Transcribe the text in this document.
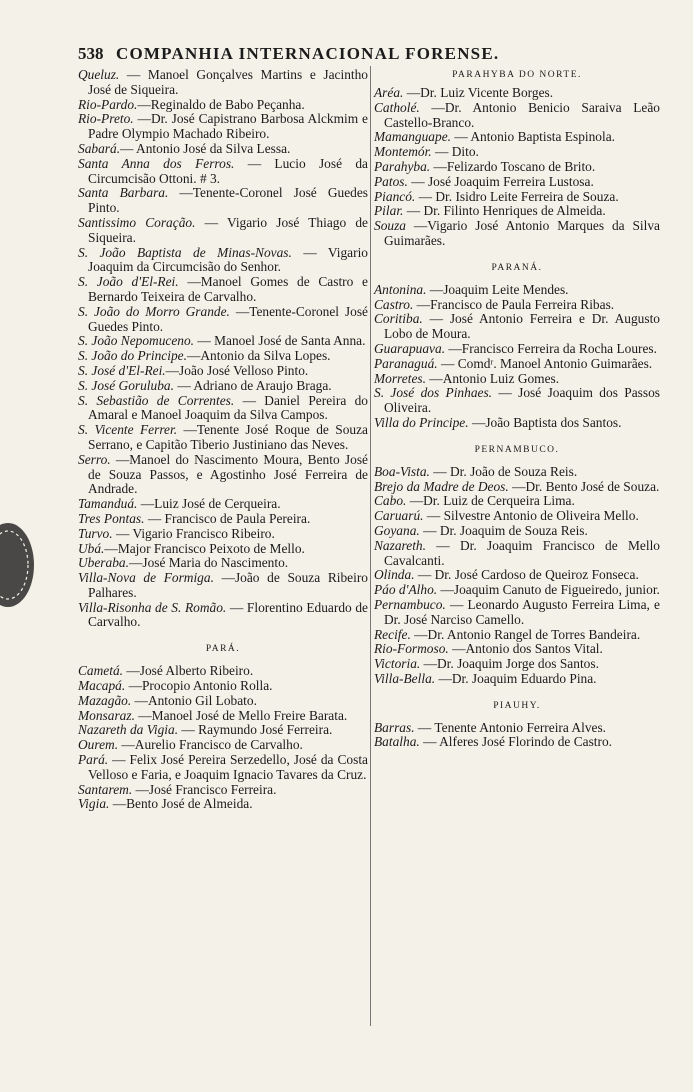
538 COMPANHIA INTERNACIONAL FORENSE.

Queluz. — Manoel Gonçalves Martins e Jacintho José de Siqueira.

Rio-Pardo.—Reginaldo de Babo Peçanha.

Rio-Preto. —Dr. José Capistrano Barbosa Alckmim e Padre Olympio Machado Ribeiro.

Sabará.— Antonio José da Silva Lessa.

Santa Anna dos Ferros. — Lucio José da Circumcisão Ottoni. # 3.

Santa Barbara. —Tenente-Coronel José Guedes Pinto.

Santissimo Coração. — Vigario José Thiago de Siqueira.

S. João Baptista de Minas-Novas. — Vigario Joaquim da Circumcisão do Senhor.

S. João d'El-Rei. —Manoel Gomes de Castro e Bernardo Teixeira de Carvalho.

S. João do Morro Grande. —Tenente-Coronel José Guedes Pinto.

S. João Nepomuceno. — Manoel José de Santa Anna.

S. João do Principe.—Antonio da Silva Lopes.

S. José d'El-Rei.—João José Velloso Pinto.

S. José Goruluba. — Adriano de Araujo Braga.

S. Sebastião de Correntes. — Daniel Pereira do Amaral e Manoel Joaquim da Silva Campos.

S. Vicente Ferrer. —Tenente José Roque de Souza Serrano, e Capitão Tiberio Justiniano das Neves.

Serro. —Manoel do Nascimento Moura, Bento José de Souza Passos, e Agostinho José Ferreira de Andrade.

Tamanduá. —Luiz José de Cerqueira.

Tres Pontas. — Francisco de Paula Pereira.

Turvo. — Vigario Francisco Ribeiro.

Ubá.—Major Francisco Peixoto de Mello.

Uberaba.—José Maria do Nascimento.

Villa-Nova de Formiga. —João de Souza Ribeiro Palhares.

Villa-Risonha de S. Romão. — Florentino Eduardo de Carvalho.

PARÁ.

Cametá. —José Alberto Ribeiro.

Macapá. —Procopio Antonio Rolla.

Mazagão. —Antonio Gil Lobato.

Monsaraz. —Manoel José de Mello Freire Barata.

Nazareth da Vigia. — Raymundo José Ferreira.

Ourem. —Aurelio Francisco de Carvalho.

Pará. — Felix José Pereira Serzedello, José da Costa Velloso e Faria, e Joaquim Ignacio Tavares da Cruz.

Santarem. —José Francisco Ferreira.

Vigia. —Bento José de Almeida.

PARAHYBA DO NORTE.

Aréa. —Dr. Luiz Vicente Borges.

Catholé. —Dr. Antonio Benicio Saraiva Leão Castello-Branco.

Mamanguape. — Antonio Baptista Espinola.

Montemór. — Dito.

Parahyba. —Felizardo Toscano de Brito.

Patos. — José Joaquim Ferreira Lustosa.

Piancó. — Dr. Isidro Leite Ferreira de Souza.

Pilar. — Dr. Filinto Henriques de Almeida.

Souza —Vigario José Antonio Marques da Silva Guimarães.

PARANÁ.

Antonina. —Joaquim Leite Mendes.

Castro. —Francisco de Paula Ferreira Ribas.

Coritiba. — José Antonio Ferreira e Dr. Augusto Lobo de Moura.

Guarapuava. —Francisco Ferreira da Rocha Loures.

Paranaguá. — Comdʳ. Manoel Antonio Guimarães.

Morretes. —Antonio Luiz Gomes.

S. José dos Pinhaes. — José Joaquim dos Passos Oliveira.

Villa do Principe. —João Baptista dos Santos.

PERNAMBUCO.

Boa-Vista. — Dr. João de Souza Reis.

Brejo da Madre de Deos. —Dr. Bento José de Souza.

Cabo. —Dr. Luiz de Cerqueira Lima.

Caruarú. — Silvestre Antonio de Oliveira Mello.

Goyana. — Dr. Joaquim de Souza Reis.

Nazareth. — Dr. Joaquim Francisco de Mello Cavalcanti.

Olinda. — Dr. José Cardoso de Queiroz Fonseca.

Páo d'Alho. —Joaquim Canuto de Figueiredo, junior.

Pernambuco. — Leonardo Augusto Ferreira Lima, e Dr. José Narciso Camello.

Recife. —Dr. Antonio Rangel de Torres Bandeira.

Rio-Formoso. —Antonio dos Santos Vital.

Victoria. —Dr. Joaquim Jorge dos Santos.

Villa-Bella. —Dr. Joaquim Eduardo Pina.

PIAUHY.

Barras. — Tenente Antonio Ferreira Alves.

Batalha. — Alferes José Florindo de Castro.
